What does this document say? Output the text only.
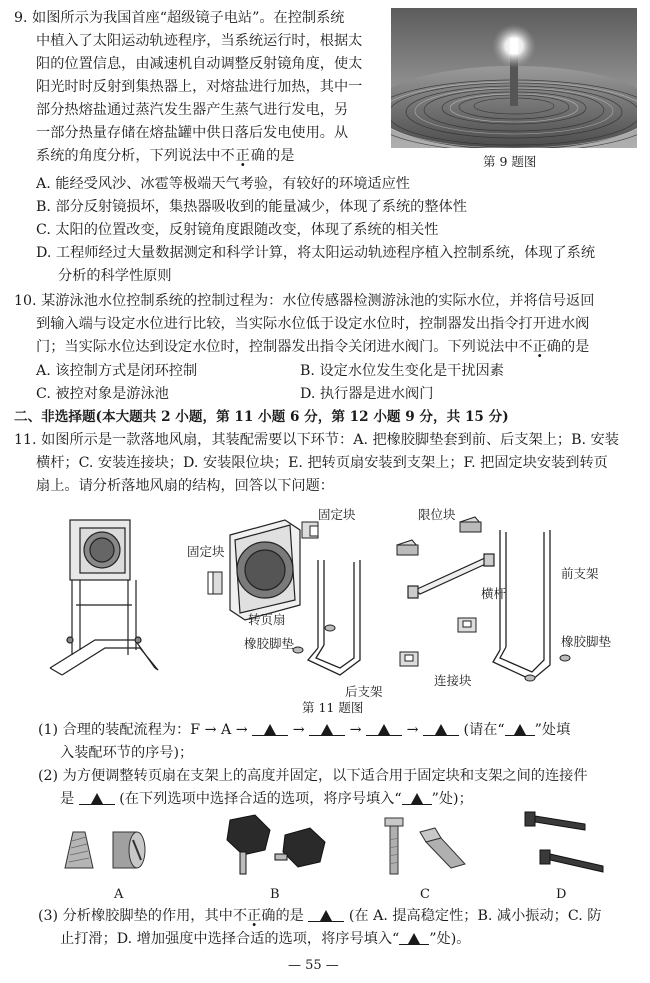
9. 如图所示为我国首座“超级镜子电站”。在控制系统
中植入了太阳运动轨迹程序，当系统运行时，根据太
阳的位置信息，由减速机自动调整反射镜角度，使太
阳光时时反射到集热器上，对熔盐进行加热，其中一
部分热熔盐通过蒸汽发生器产生蒸气进行发电，另
一部分热量存储在熔盐罐中供日落后发电使用。从
系统的角度分析，下列说法中不正确的是	第 9 题图
A. 能经受风沙、冰雹等极端天气考验，有较好的环境适应性
B. 部分反射镜损坏，集热器吸收到的能量减少，体现了系统的整体性
C. 太阳的位置改变，反射镜角度跟随改变，体现了系统的相关性
D. 工程师经过大量数据测定和科学计算，将太阳运动轨迹程序植入控制系统，体现了系统
分析的科学性原则
10. 某游泳池水位控制系统的控制过程为：水位传感器检测游泳池的实际水位，并将信号返回
到输入端与设定水位进行比较，当实际水位低于设定水位时，控制器发出指令打开进水阀
门；当实际水位达到设定水位时，控制器发出指令关闭进水阀门。下列说法中不正确的是
A. 该控制方式是闭环控制	B. 设定水位发生变化是干扰因素
C. 被控对象是游泳池	D. 执行器是进水阀门
二、非选择题(本大题共 2 小题，第 11 小题 6 分，第 12 小题 9 分，共 15 分)
11. 如图所示是一款落地风扇，其装配需要以下环节：A. 把橡胶脚垫套到前、后支架上；B. 安装
横杆；C. 安装连接块；D. 安装限位块；E. 把转页扇安装到支架上；F. 把固定块安装到转页
扇上。请分析落地风扇的结构，回答以下问题：
固定块
固定块	限位块
横杆
转页扇
橡胶脚垫	橡胶脚垫
后支架
连接块
前支架
第 11 题图
(1) 合理的装配流程为：F → A →	→	→	→	(请在“ ”处填
入装配环节的序号)；
(2) 为方便调整转页扇在支架上的高度并固定，以下适合用于固定块和支架之间的连接件
是	(在下列选项中选择合适的选项，将序号填入“ ”处)；
A	B	C	D
(3) 分析橡胶脚垫的作用，其中不正确的是	(在 A. 提高稳定性；B. 减小振动；C. 防
止打滑；D. 增加强度中选择合适的选项，将序号填入“ ”处)。
— 55 —
